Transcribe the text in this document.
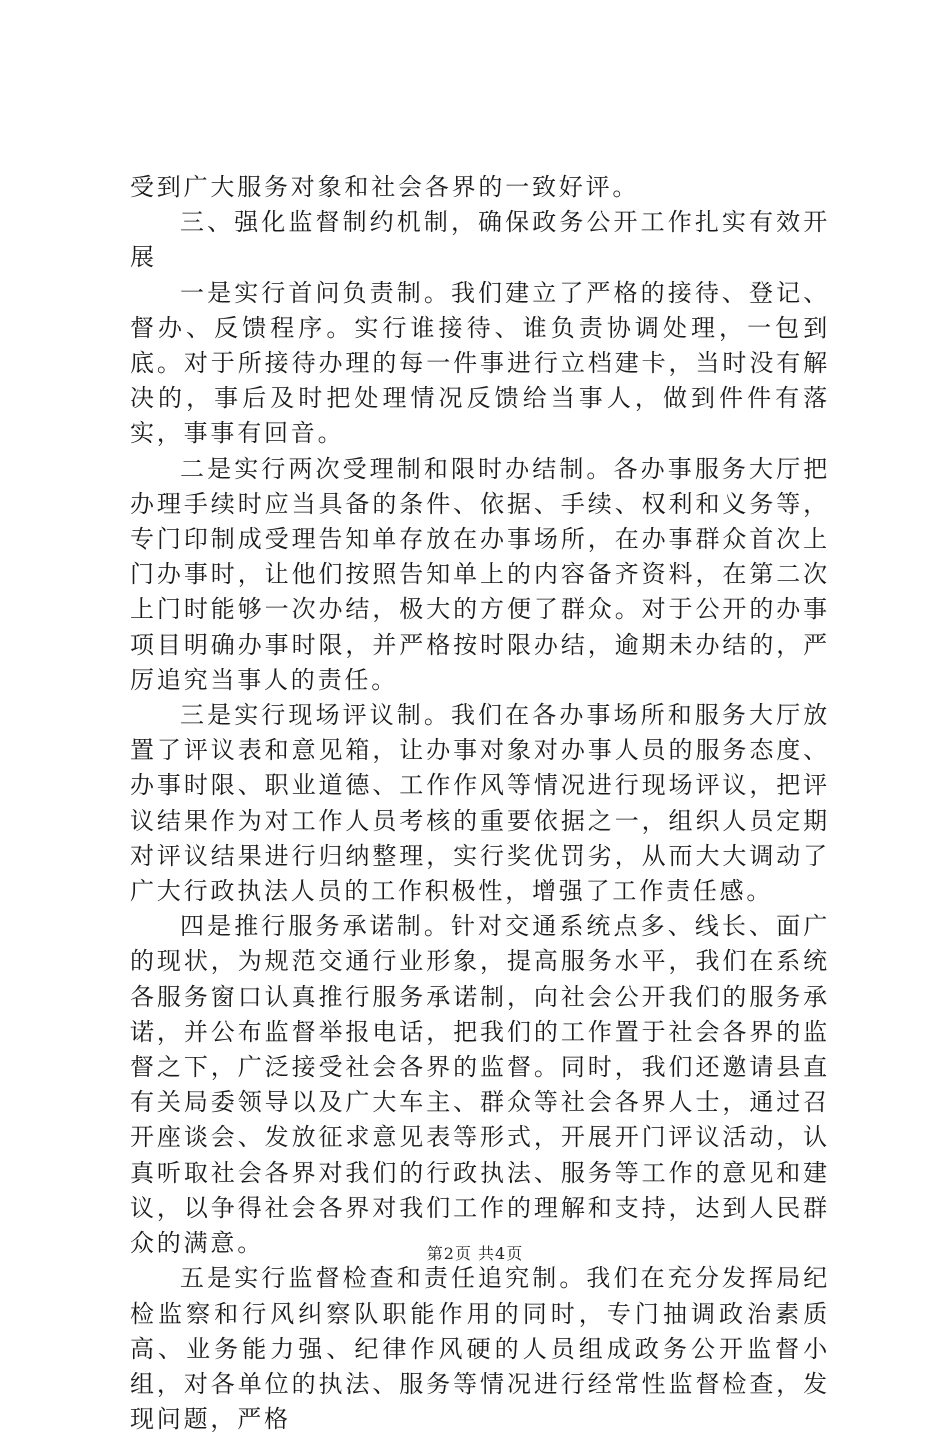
受到广大服务对象和社会各界的一致好评。

三、强化监督制约机制，确保政务公开工作扎实有效开展

一是实行首问负责制。我们建立了严格的接待、登记、督办、反馈程序。实行谁接待、谁负责协调处理，一包到底。对于所接待办理的每一件事进行立档建卡，当时没有解决的，事后及时把处理情况反馈给当事人，做到件件有落实，事事有回音。

二是实行两次受理制和限时办结制。各办事服务大厅把办理手续时应当具备的条件、依据、手续、权利和义务等，专门印制成受理告知单存放在办事场所，在办事群众首次上门办事时，让他们按照告知单上的内容备齐资料，在第二次上门时能够一次办结，极大的方便了群众。对于公开的办事项目明确办事时限，并严格按时限办结，逾期未办结的，严厉追究当事人的责任。

三是实行现场评议制。我们在各办事场所和服务大厅放置了评议表和意见箱，让办事对象对办事人员的服务态度、办事时限、职业道德、工作作风等情况进行现场评议，把评议结果作为对工作人员考核的重要依据之一，组织人员定期对评议结果进行归纳整理，实行奖优罚劣，从而大大调动了广大行政执法人员的工作积极性，增强了工作责任感。

四是推行服务承诺制。针对交通系统点多、线长、面广的现状，为规范交通行业形象，提高服务水平，我们在系统各服务窗口认真推行服务承诺制，向社会公开我们的服务承诺，并公布监督举报电话，把我们的工作置于社会各界的监督之下，广泛接受社会各界的监督。同时，我们还邀请县直有关局委领导以及广大车主、群众等社会各界人士，通过召开座谈会、发放征求意见表等形式，开展开门评议活动，认真听取社会各界对我们的行政执法、服务等工作的意见和建议，以争得社会各界对我们工作的理解和支持，达到人民群众的满意。

五是实行监督检查和责任追究制。我们在充分发挥局纪检监察和行风纠察队职能作用的同时，专门抽调政治素质高、业务能力强、纪律作风硬的人员组成政务公开监督小组，对各单位的执法、服务等情况进行经常性监督检查，发现问题，严格

第2页 共4页
